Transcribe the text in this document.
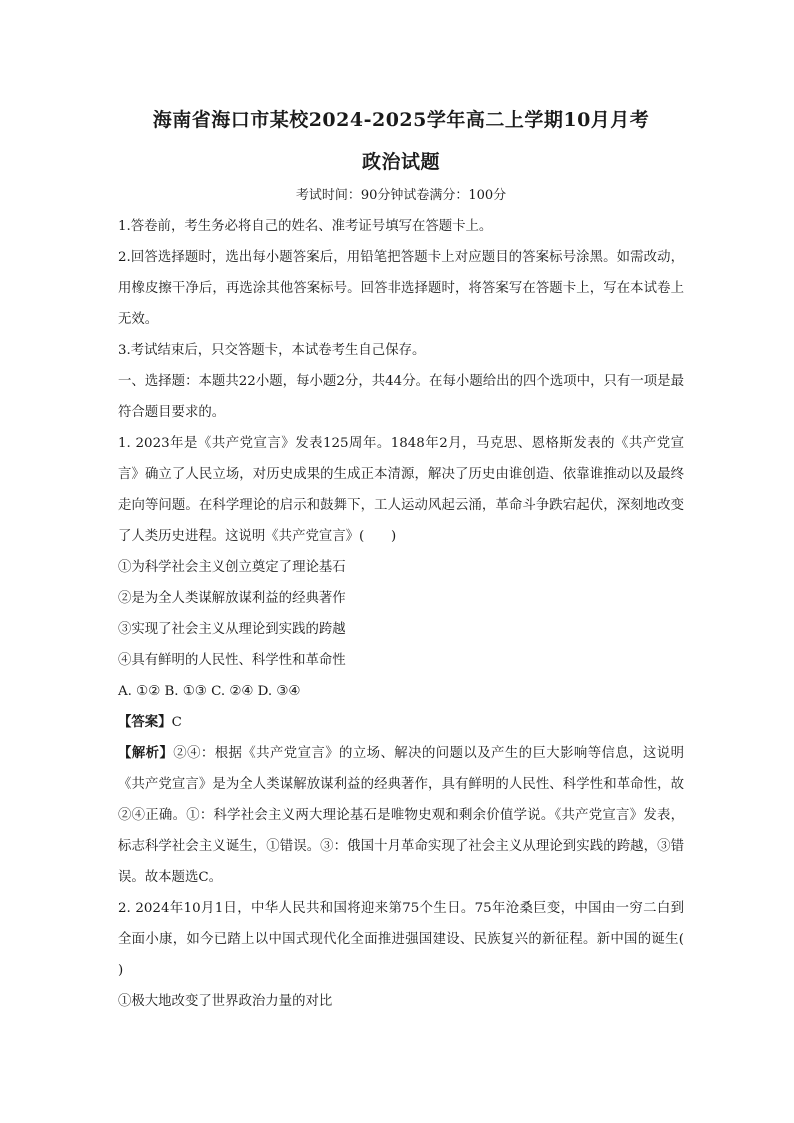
海南省海口市某校2024-2025学年高二上学期10月月考
政治试题
考试时间：90分钟试卷满分：100分

1.答卷前，考生务必将自己的姓名、准考证号填写在答题卡上。

2.回答选择题时，选出每小题答案后，用铅笔把答题卡上对应题目的答案标号涂黑。如需改动，用橡皮擦干净后，再选涂其他答案标号。回答非选择题时，将答案写在答题卡上，写在本试卷上无效。

3.考试结束后，只交答题卡，本试卷考生自己保存。

一、选择题：本题共22小题，每小题2分，共44分。在每小题给出的四个选项中，只有一项是最符合题目要求的。

1. 2023年是《共产党宣言》发表125周年。1848年2月，马克思、恩格斯发表的《共产党宣言》确立了人民立场，对历史成果的生成正本清源，解决了历史由谁创造、依靠谁推动以及最终走向等问题。在科学理论的启示和鼓舞下，工人运动风起云涌，革命斗争跌宕起伏，深刻地改变了人类历史进程。这说明《共产党宣言》(　　)

①为科学社会主义创立奠定了理论基石

②是为全人类谋解放谋利益的经典著作

③实现了社会主义从理论到实践的跨越

④具有鲜明的人民性、科学性和革命性

A. ①② B. ①③ C. ②④ D. ③④

【答案】C

【解析】②④：根据《共产党宣言》的立场、解决的问题以及产生的巨大影响等信息，这说明《共产党宣言》是为全人类谋解放谋利益的经典著作，具有鲜明的人民性、科学性和革命性，故②④正确。①：科学社会主义两大理论基石是唯物史观和剩余价值学说。《共产党宣言》发表，标志科学社会主义诞生，①错误。③：俄国十月革命实现了社会主义从理论到实践的跨越，③错误。故本题选C。

2. 2024年10月1日，中华人民共和国将迎来第75个生日。75年沧桑巨变，中国由一穷二白到全面小康，如今已踏上以中国式现代化全面推进强国建设、民族复兴的新征程。新中国的诞生(　　)

①极大地改变了世界政治力量的对比
